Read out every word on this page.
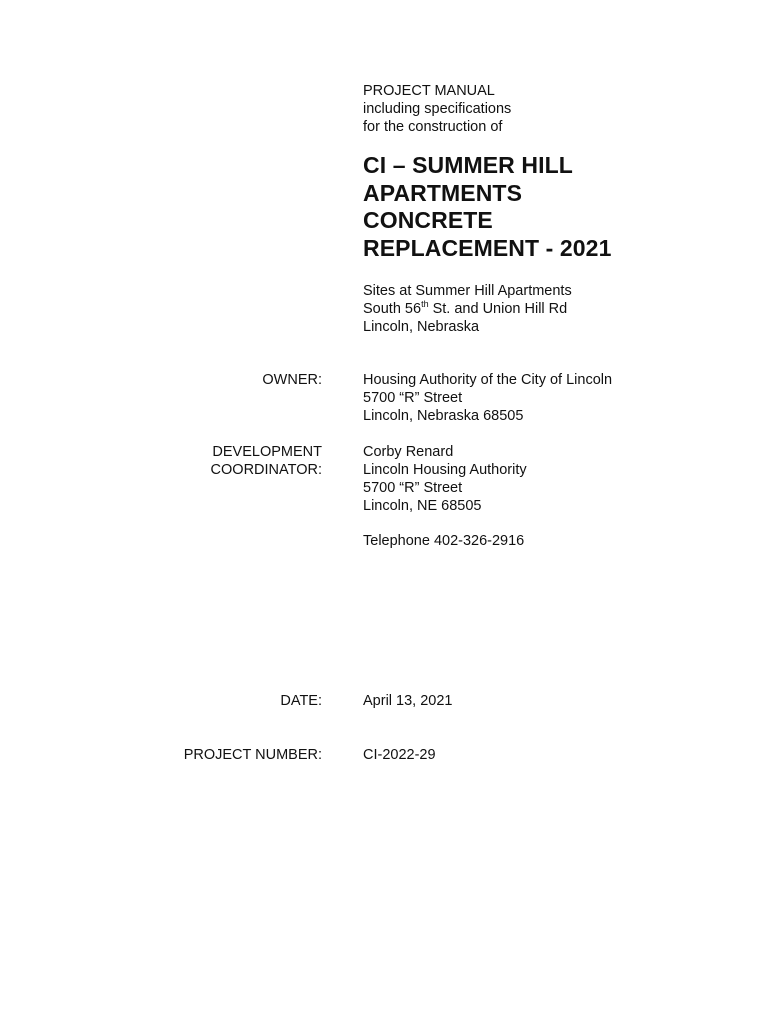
PROJECT MANUAL
including specifications
for the construction of
CI – SUMMER HILL
APARTMENTS
CONCRETE
REPLACEMENT - 2021
Sites at Summer Hill Apartments
South 56th St. and Union Hill Rd
Lincoln, Nebraska
OWNER:	Housing Authority of the City of Lincoln
5700 “R” Street
Lincoln, Nebraska 68505
DEVELOPMENT
COORDINATOR:
Corby Renard
Lincoln Housing Authority
5700 “R” Street
Lincoln, NE 68505
Telephone 402-326-2916
DATE:	April 13, 2021
PROJECT NUMBER:	CI-2022-29
